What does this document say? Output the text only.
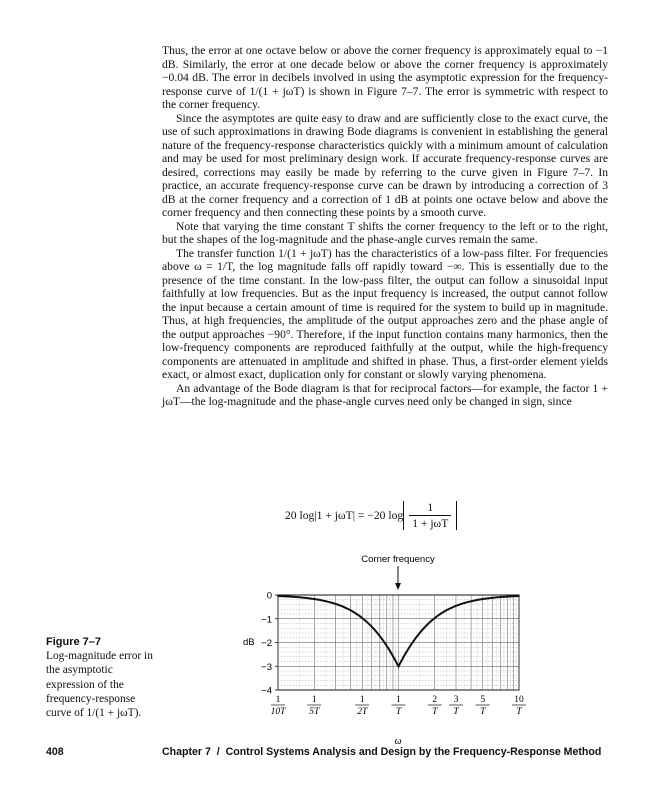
Thus, the error at one octave below or above the corner frequency is approximately equal to −1 dB. Similarly, the error at one decade below or above the corner frequency is approximately −0.04 dB. The error in decibels involved in using the asymptotic expression for the frequency-response curve of 1/(1 + jωT) is shown in Figure 7–7. The error is symmetric with respect to the corner frequency.

Since the asymptotes are quite easy to draw and are sufficiently close to the exact curve, the use of such approximations in drawing Bode diagrams is convenient in establishing the general nature of the frequency-response characteristics quickly with a minimum amount of calculation and may be used for most preliminary design work. If accurate frequency-response curves are desired, corrections may easily be made by referring to the curve given in Figure 7–7. In practice, an accurate frequency-response curve can be drawn by introducing a correction of 3 dB at the corner frequency and a correction of 1 dB at points one octave below and above the corner frequency and then connecting these points by a smooth curve.

Note that varying the time constant T shifts the corner frequency to the left or to the right, but the shapes of the log-magnitude and the phase-angle curves remain the same.

The transfer function 1/(1 + jωT) has the characteristics of a low-pass filter. For frequencies above ω = 1/T, the log magnitude falls off rapidly toward −∞. This is essentially due to the presence of the time constant. In the low-pass filter, the output can follow a sinusoidal input faithfully at low frequencies. But as the input frequency is increased, the output cannot follow the input because a certain amount of time is required for the system to build up in magnitude. Thus, at high frequencies, the amplitude of the output approaches zero and the phase angle of the output approaches −90°. Therefore, if the input function contains many harmonics, then the low-frequency components are reproduced faithfully at the output, while the high-frequency components are attenuated in amplitude and shifted in phase. Thus, a first-order element yields exact, or almost exact, duplication only for constant or slowly varying phenomena.

An advantage of the Bode diagram is that for reciprocal factors—for example, the factor 1 + jωT—the log-magnitude and the phase-angle curves need only be changed in sign, since

20 log|1 + jωT| = −20 $\log \frac{1}{\text{1 + jωT}}$
0
−1
−2
−3
−4
1
10T
1
5T
1
2T
1
T
2
T
3
T
5
T
10
T
Corner frequency
dB
ω
Figure 7–7
Log-magnitude error in the asymptotic expression of the frequency-response curve of 1/(1 + jωT).
408	Chapter 7  /  Control Systems Analysis and Design by the Frequency-Response Method
